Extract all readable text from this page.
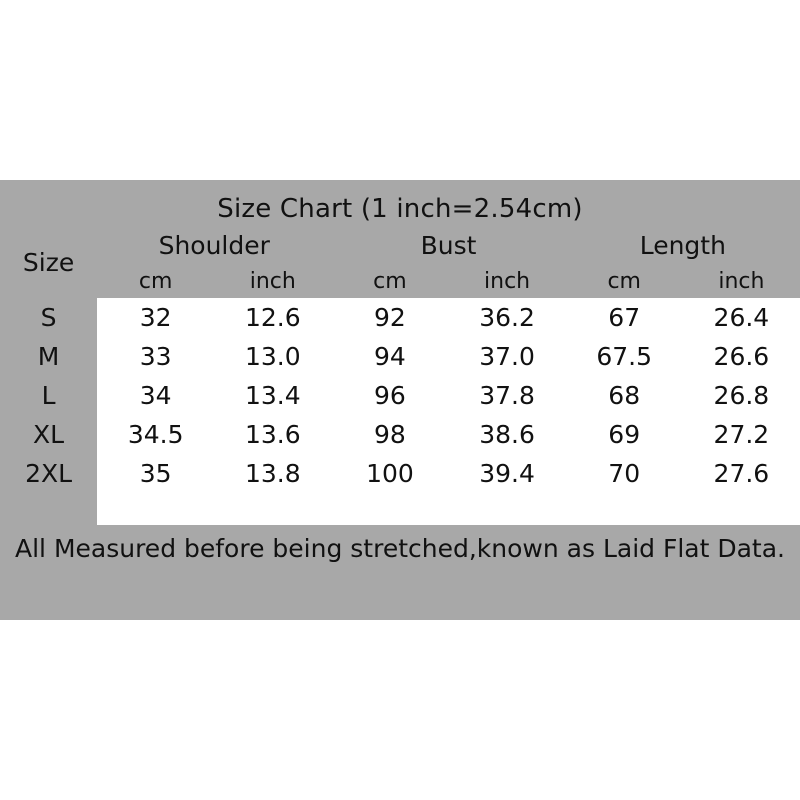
Size Chart (1 inch=2.54cm)
Size	Shoulder		Bust		Length	
	cm	inch	cm	inch	cm	inch
S	32	12.6	92	36.2	67	26.4
M	33	13.0	94	37.0	67.5	26.6
L	34	13.4	96	37.8	68	26.8
XL	34.5	13.6	98	38.6	69	27.2
2XL	35	13.8	100	39.4	70	27.6

All Measured before being stretched,known as Laid Flat Data.
